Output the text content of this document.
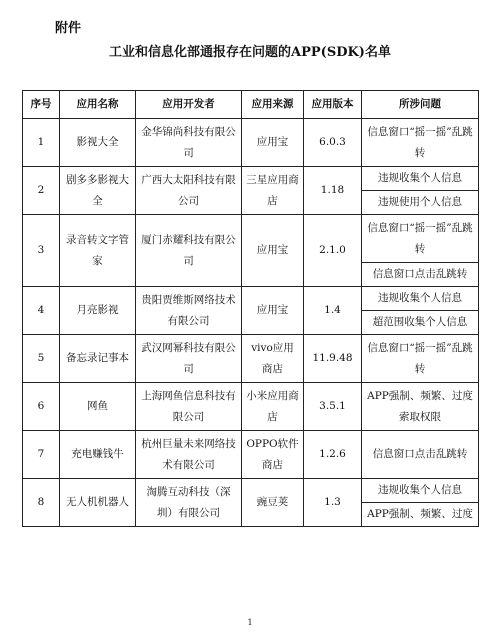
附件
工业和信息化部通报存在问题的APP(SDK)名单
序号	应用名称	应用开发者	应用来源	应用版本	所涉问题
1	影视大全	金华锦尚科技有限公司	应用宝	6.0.3	信息窗口“摇一摇”乱跳转
2	剧多多影视大全	广西大太阳科技有限公司	三星应用商店	1.18	违规收集个人信息
					违规使用个人信息
3	录音转文字管家	厦门赤耀科技有限公司	应用宝	2.1.0	信息窗口“摇一摇”乱跳转
					信息窗口点击乱跳转
4	月亮影视	贵阳贾维斯网络技术有限公司	应用宝	1.4	违规收集个人信息
					超范围收集个人信息
5	备忘录记事本	武汉网幂科技有限公司	vivo应用商店	11.9.48	信息窗口“摇一摇”乱跳转
6	网鱼	上海网鱼信息科技有限公司	小米应用商店	3.5.1	APP强制、频繁、过度索取权限
7	充电赚钱牛	杭州巨量未来网络技术有限公司	OPPO软件商店	1.2.6	信息窗口点击乱跳转
8	无人机机器人	淘腾互动科技（深圳）有限公司	豌豆荚	1.3	违规收集个人信息
					APP强制、频繁、过度
1
